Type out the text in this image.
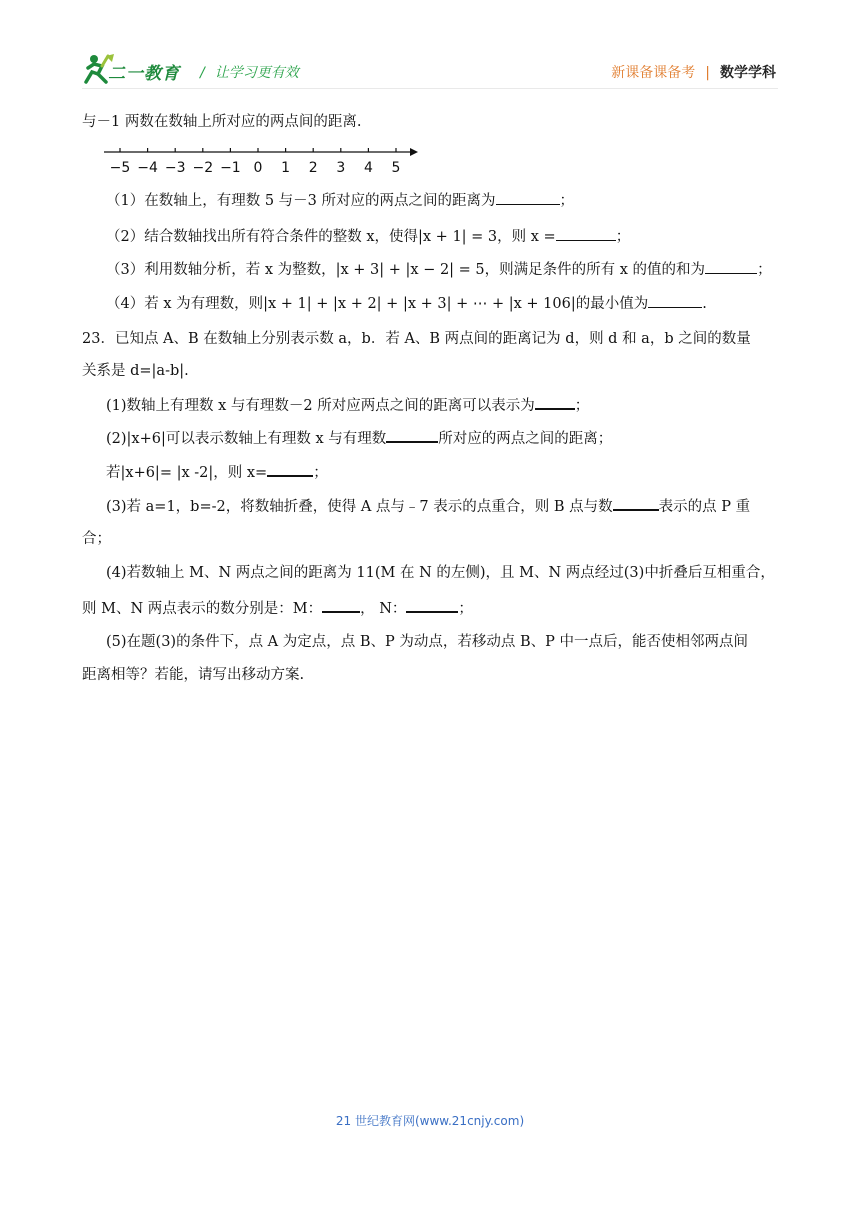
二一教育 / 让学习更有效	新课备课备考 | 数学学科
与－1 两数在数轴上所对应的两点间的距离.
−5 −4 −3 −2 −1 0 1 2 3 4 5
（1）在数轴上，有理数 5 与－3 所对应的两点之间的距离为	；
（2）结合数轴找出所有符合条件的整数 x，使得|x + 1| = 3，则 x =	；
（3）利用数轴分析，若 x 为整数，|x + 3| + |x − 2| = 5，则满足条件的所有 x 的值的和为	；
（4）若 x 为有理数，则|x + 1| + |x + 2| + |x + 3| + ⋯ + |x + 106|的最小值为	.
23．已知点 A、B 在数轴上分别表示数 a，b．若 A、B 两点间的距离记为 d，则 d 和 a，b 之间的数量
关系是 d=|a-b|.
(1)数轴上有理数 x 与有理数－2 所对应两点之间的距离可以表示为	；
(2)|x+6|可以表示数轴上有理数 x 与有理数	所对应的两点之间的距离；
若|x+6|= |x -2|，则 x=	；
(3)若 a=1，b=-2，将数轴折叠，使得 A 点与﹣7 表示的点重合，则 B 点与数	表示的点 P 重
合；
(4)若数轴上 M、N 两点之间的距离为 11(M 在 N 的左侧)，且 M、N 两点经过(3)中折叠后互相重合，
则 M、N 两点表示的数分别是：M：	， N：	；
(5)在题(3)的条件下，点 A 为定点，点 B、P 为动点，若移动点 B、P 中一点后，能否使相邻两点间
距离相等？若能，请写出移动方案.
21 世纪教育网(www.21cnjy.com)
